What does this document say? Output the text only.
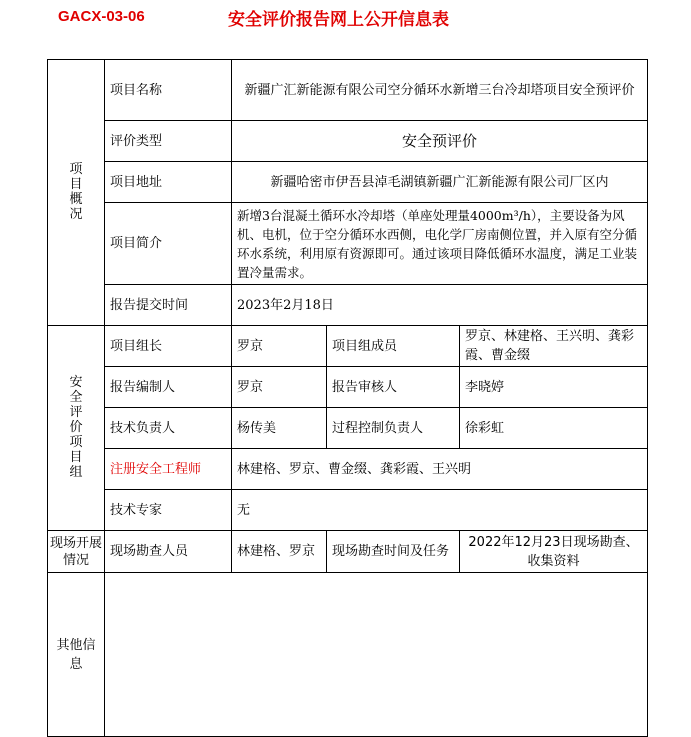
GACX-03-06	安全评价报告网上公开信息表
项目概况	项目名称	新疆广汇新能源有限公司空分循环水新增三台冷却塔项目安全预评价		
	评价类型	安全预评价		
	项目地址	新疆哈密市伊吾县淖毛湖镇新疆广汇新能源有限公司厂区内		
	项目简介	新增3台混凝土循环水冷却塔（单座处理量4000m³/h），主要设备为风机、电机，位于空分循环水西侧，电化学厂房南侧位置，并入原有空分循环水系统，利用原有资源即可。通过该项目降低循环水温度，满足工业装置冷量需求。		
	报告提交时间	2023年2月18日		
安全评价项目组	项目组长	罗京	项目组成员	罗京、林建格、王兴明、龚彩霞、曹金缀
	报告编制人	罗京	报告审核人	李晓婷
	技术负责人	杨传美	过程控制负责人	徐彩虹
	注册安全工程师	林建格、罗京、曹金缀、龚彩霞、王兴明		
	技术专家	无		
现场开展情况	现场勘查人员	林建格、罗京	现场勘查时间及任务	2022年12月23日现场勘查、收集资料
其他信息				
